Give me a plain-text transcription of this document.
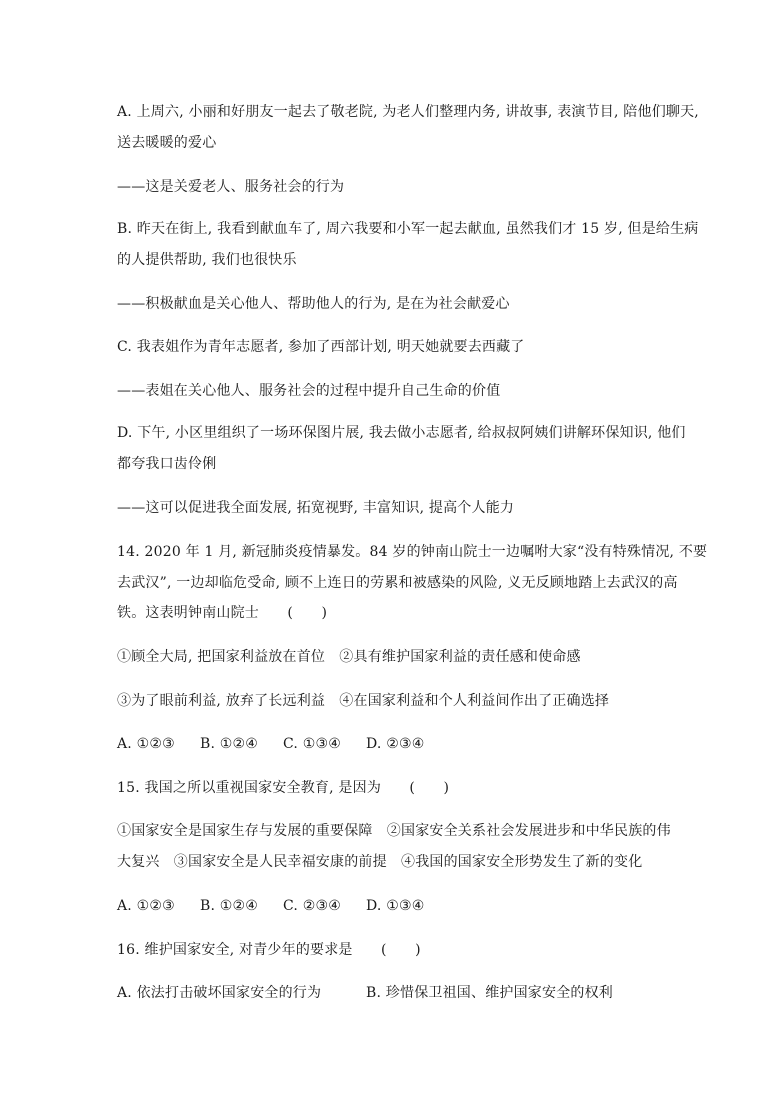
A. 上周六, 小丽和好朋友一起去了敬老院, 为老人们整理内务, 讲故事, 表演节目, 陪他们聊天,
送去暖暖的爱心
——这是关爱老人、服务社会的行为
B. 昨天在街上, 我看到献血车了, 周六我要和小军一起去献血, 虽然我们才 15 岁, 但是给生病
的人提供帮助, 我们也很快乐
——积极献血是关心他人、帮助他人的行为, 是在为社会献爱心
C. 我表姐作为青年志愿者, 参加了西部计划, 明天她就要去西藏了
——表姐在关心他人、服务社会的过程中提升自己生命的价值
D. 下午, 小区里组织了一场环保图片展, 我去做小志愿者, 给叔叔阿姨们讲解环保知识, 他们
都夸我口齿伶俐
——这可以促进我全面发展, 拓宽视野, 丰富知识, 提高个人能力
14. 2020 年 1 月, 新冠肺炎疫情暴发。84 岁的钟南山院士一边嘱咐大家“没有特殊情况, 不要
去武汉”, 一边却临危受命, 顾不上连日的劳累和被感染的风险, 义无反顾地踏上去武汉的高
铁。这表明钟南山院士　　(　　)
①顾全大局, 把国家利益放在首位　②具有维护国家利益的责任感和使命感
③为了眼前利益, 放弃了长远利益　④在国家利益和个人利益间作出了正确选择
A. ①②③ B. ①②④ C. ①③④ D. ②③④
15. 我国之所以重视国家安全教育, 是因为　　(　　)
①国家安全是国家生存与发展的重要保障　②国家安全关系社会发展进步和中华民族的伟
大复兴　③国家安全是人民幸福安康的前提　④我国的国家安全形势发生了新的变化
A. ①②③ B. ①②④ C. ②③④ D. ①③④
16. 维护国家安全, 对青少年的要求是　　(　　)
A. 依法打击破坏国家安全的行为	B. 珍惜保卫祖国、维护国家安全的权利
